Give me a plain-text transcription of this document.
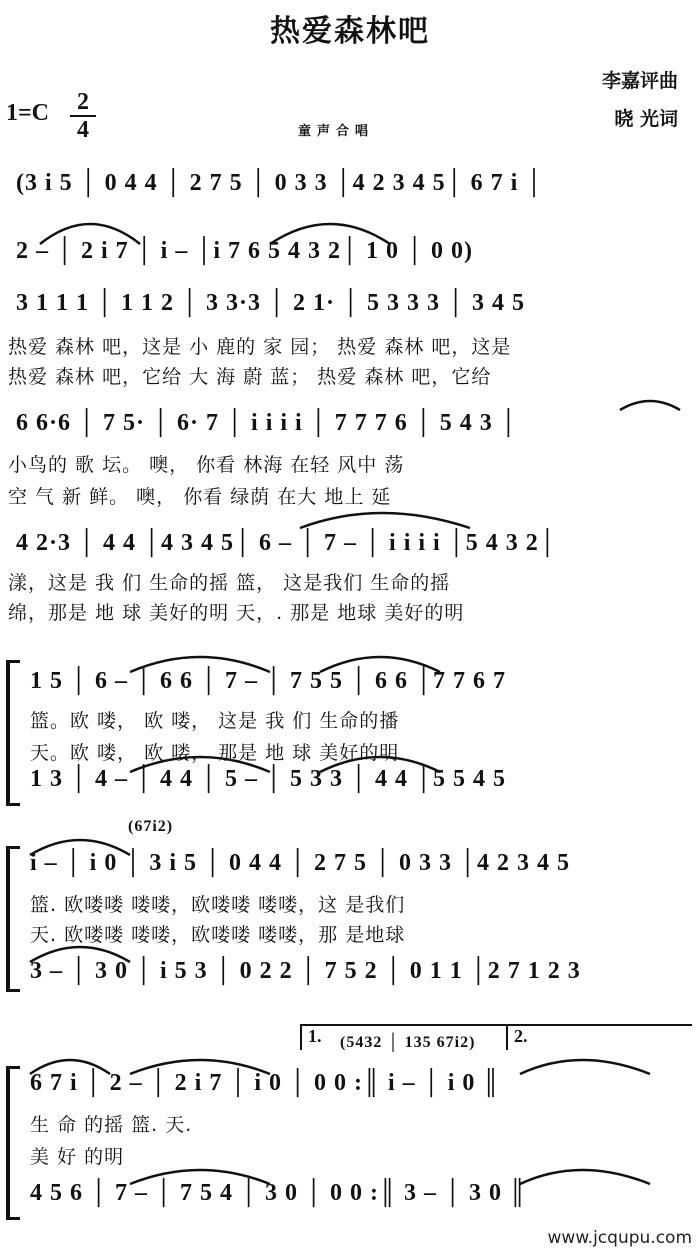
热爱森林吧
李嘉评曲
晓 光词
1=C 2
4	童声合唱
(3 i 5 │ 0 4 4 │ 2 7 5 │ 0 3 3 │4 2 3 4 5│ 6 7 i │
2 – │ 2 i 7 │ i – │i 7 6 5 4 3 2│ 1 0 │ 0 0)
3 1 1 1 │ 1 1 2 │ 3 3·3 │ 2 1· │ 5 3 3 3 │ 3 4 5
热爱 森林 吧，这是 小 鹿的 家 园； 热爱 森林 吧，这是
热爱 森林 吧，它给 大 海 蔚 蓝； 热爱 森林 吧，它给
6 6·6 │ 7 5· │ 6· 7 │ i i i i │ 7 7 7 6 │ 5 4 3 │
小鸟的 歌 坛。 噢， 你看 林海 在轻 风中 荡
空 气 新 鲜。 噢， 你看 绿荫 在大 地上 延
4 2·3 │ 4 4 │4 3 4 5│ 6 – │ 7 – │ i i i i │5 4 3 2│
漾，这是 我 们 生命的摇 篮， 这是我们 生命的摇
绵，那是 地 球 美好的明 天，. 那是 地球 美好的明
1 5 │ 6 – │ 6 6 │ 7 – │ 7 5 5 │ 6 6 │7 7 6 7
篮。欧 喽， 欧 喽， 这是 我 们 生命的播
天。欧 喽， 欧 喽， 那是 地 球 美好的明
1 3 │ 4 – │ 4 4 │ 5 – │ 5 3 3 │ 4 4 │5 5 4 5
(67i2)
i – │ i 0 │ 3 i 5 │ 0 4 4 │ 2 7 5 │ 0 3 3 │4 2 3 4 5
篮. 欧喽喽 喽喽，欧喽喽 喽喽，这 是我们
天. 欧喽喽 喽喽，欧喽喽 喽喽，那 是地球
3 – │ 3 0 │ i 5 3 │ 0 2 2 │ 7 5 2 │ 0 1 1 │2 7 1 2 3
1.	(5432 │ 135 67i2)	2.
6 7 i │ 2 – │ 2 i 7 │ i 0 │ 0 0 :║ i – │ i 0 ║
生 命 的摇 篮. 天.
美 好 的明
4 5 6 │ 7 – │ 7 5 4 │ 3 0 │ 0 0 :║ 3 – │ 3 0 ║
www.jcqupu.com
